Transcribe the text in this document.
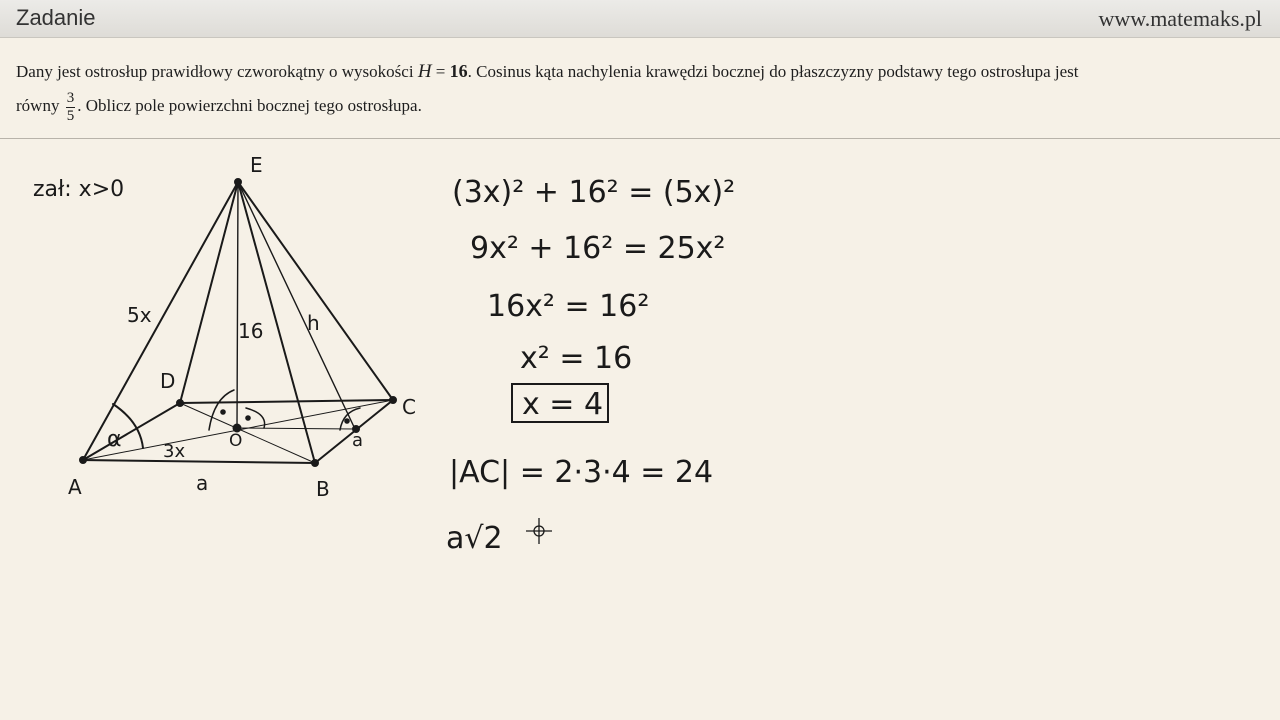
Zadanie	www.matemaks.pl
Dany jest ostrosłup prawidłowy czworokątny o wysokości H = 16. Cosinus kąta nachylenia krawędzi bocznej do płaszczyzny podstawy tego ostrosłupa jest
równy $\frac{3}{5}$ . Oblicz pole powierzchni bocznej tego ostrosłupa.
zał: x>0
E
D
C
A	B
O
5x
16 h
α 3x
a
a
(3x)² + 16² = (5x)²
9x² + 16² = 25x²
16x² = 16²
x² = 16
x = 4
|AC| = 2·3·4 = 24
a√2
